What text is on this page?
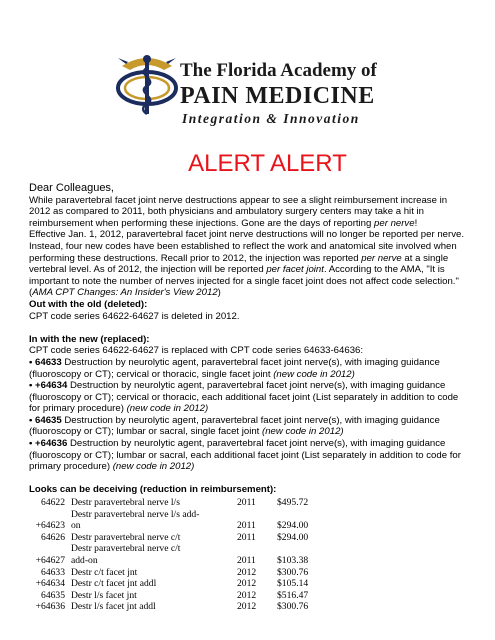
The Florida Academy of
PAIN MEDICINE
Integration & Innovation
ALERT ALERT

Dear Colleagues,

While paravertebral facet joint nerve destructions appear to see a slight reimbursement increase in 2012 as compared to 2011, both physicians and ambulatory surgery centers may take a hit in reimbursement when performing these injections. Gone are the days of reporting per nerve!
Effective Jan. 1, 2012, paravertebral facet joint nerve destructions will no longer be reported per nerve. Instead, four new codes have been established to reflect the work and anatomical site involved when performing these destructions. Recall prior to 2012, the injection was reported per nerve at a single vertebral level. As of 2012, the injection will be reported per facet joint. According to the AMA, "It is important to note the number of nerves injected for a single facet joint does not affect code selection." (AMA CPT Changes: An Insider's View 2012)

Out with the old (deleted):

CPT code series 64622-64627 is deleted in 2012.

In with the new (replaced):

CPT code series 64622-64627 is replaced with CPT code series 64633-64636:

• 64633 Destruction by neurolytic agent, paravertebral facet joint nerve(s), with imaging guidance (fluoroscopy or CT); cervical or thoracic, single facet joint (new code in 2012)

• +64634 Destruction by neurolytic agent, paravertebral facet joint nerve(s), with imaging guidance (fluoroscopy or CT); cervical or thoracic, each additional facet joint (List separately in addition to code for primary procedure) (new code in 2012)

• 64635 Destruction by neurolytic agent, paravertebral facet joint nerve(s), with imaging guidance (fluoroscopy or CT); lumbar or sacral, single facet joint (new code in 2012)

• +64636 Destruction by neurolytic agent, paravertebral facet joint nerve(s), with imaging guidance (fluoroscopy or CT); lumbar or sacral, each additional facet joint (List separately in addition to code for primary procedure) (new code in 2012)

Looks can be deceiving (reduction in reimbursement):

64622	Destr paravertebral nerve l/s	2011	$495.72
	Destr paravertebral nerve l/s add-		
+64623	on	2011	$294.00
64626	Destr paravertebral nerve c/t	2011	$294.00
	Destr paravertebral nerve c/t		
+64627	add-on	2011	$103.38
64633	Destr c/t facet jnt	2012	$300.76
+64634	Destr c/t facet jnt addl	2012	$105.14
64635	Destr l/s facet jnt	2012	$516.47
+64636	Destr l/s facet jnt addl	2012	$300.76
